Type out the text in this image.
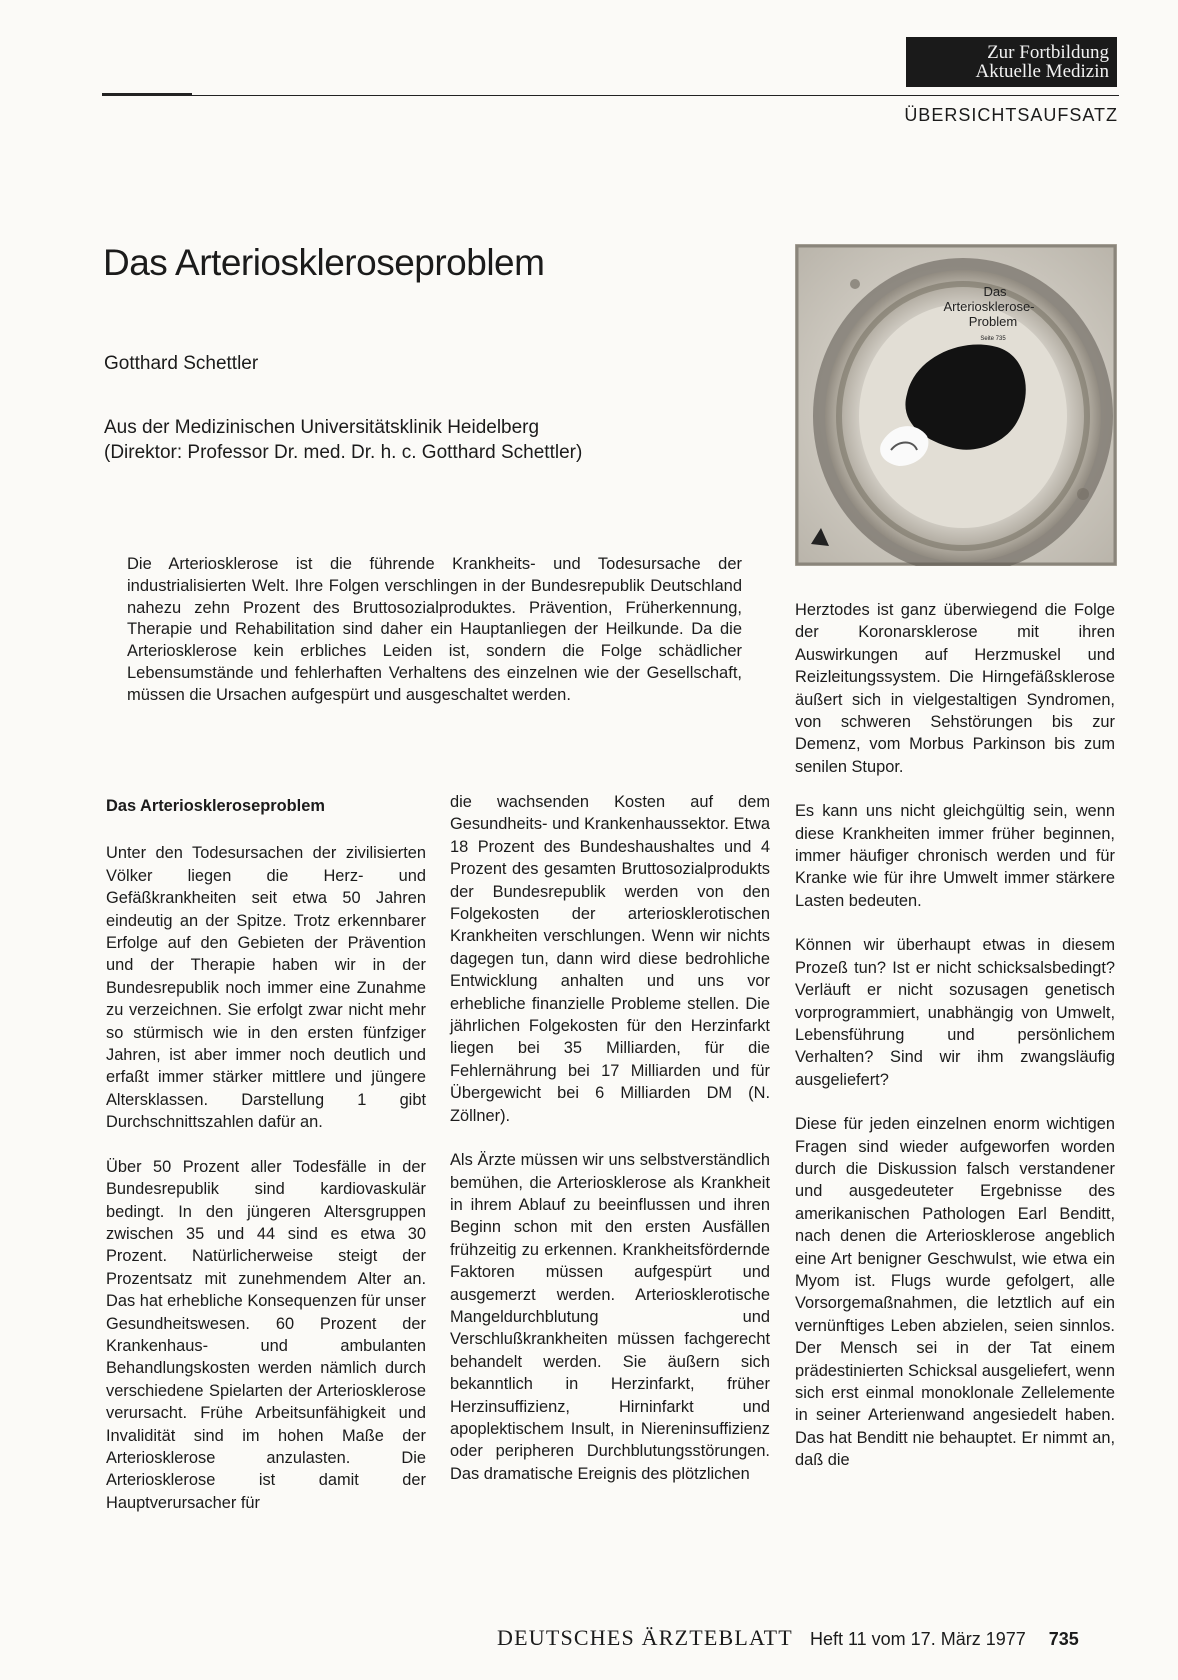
Zur Fortbildung
Aktuelle Medizin
ÜBERSICHTSAUFSATZ
Das Arterioskleroseproblem
Gotthard Schettler
Aus der Medizinischen Universitätsklinik Heidelberg
(Direktor: Professor Dr. med. Dr. h. c. Gotthard Schettler)
Die Arteriosklerose ist die führende Krankheits- und Todesursache der industrialisierten Welt. Ihre Folgen verschlingen in der Bundesrepublik Deutschland nahezu zehn Prozent des Bruttosozialproduktes. Prävention, Früherkennung, Therapie und Rehabilitation sind daher ein Hauptanliegen der Heilkunde. Da die Arteriosklerose kein erbliches Leiden ist, sondern die Folge schädlicher Lebensumstände und fehlerhaften Verhaltens des einzelnen wie der Gesellschaft, müssen die Ursachen aufgespürt und ausgeschaltet werden.
Das
Arteriosklerose-
Problem
Seite 735
Das Arterioskleroseproblem

Unter den Todesursachen der zivilisierten Völker liegen die Herz- und Gefäßkrankheiten seit etwa 50 Jahren eindeutig an der Spitze. Trotz erkennbarer Erfolge auf den Gebieten der Prävention und der Therapie haben wir in der Bundesrepublik noch immer eine Zunahme zu verzeichnen. Sie erfolgt zwar nicht mehr so stürmisch wie in den ersten fünfziger Jahren, ist aber immer noch deutlich und erfaßt immer stärker mittlere und jüngere Altersklassen. Darstellung 1 gibt Durchschnittszahlen dafür an.

Über 50 Prozent aller Todesfälle in der Bundesrepublik sind kardiovaskulär bedingt. In den jüngeren Altersgruppen zwischen 35 und 44 sind es etwa 30 Prozent. Natürlicherweise steigt der Prozentsatz mit zunehmendem Alter an. Das hat erhebliche Konsequenzen für unser Gesundheitswesen. 60 Prozent der Krankenhaus- und ambulanten Behandlungskosten werden nämlich durch verschiedene Spielarten der Arteriosklerose verursacht. Frühe Arbeitsunfähigkeit und Invalidität sind im hohen Maße der Arteriosklerose anzulasten. Die Arteriosklerose ist damit der Hauptverursacher für

die wachsenden Kosten auf dem Gesundheits- und Krankenhaussektor. Etwa 18 Prozent des Bundeshaushaltes und 4 Prozent des gesamten Bruttosozialprodukts der Bundesrepublik werden von den Folgekosten der arteriosklerotischen Krankheiten verschlungen. Wenn wir nichts dagegen tun, dann wird diese bedrohliche Entwicklung anhalten und uns vor erhebliche finanzielle Probleme stellen. Die jährlichen Folgekosten für den Herzinfarkt liegen bei 35 Milliarden, für die Fehlernährung bei 17 Milliarden und für Übergewicht bei 6 Milliarden DM (N. Zöllner).

Als Ärzte müssen wir uns selbstverständlich bemühen, die Arteriosklerose als Krankheit in ihrem Ablauf zu beeinflussen und ihren Beginn schon mit den ersten Ausfällen frühzeitig zu erkennen. Krankheitsfördernde Faktoren müssen aufgespürt und ausgemerzt werden. Arteriosklerotische Mangeldurchblutung und Verschlußkrankheiten müssen fachgerecht behandelt werden. Sie äußern sich bekanntlich in Herzinfarkt, früher Herzinsuffizienz, Hirninfarkt und apoplektischem Insult, in Niereninsuffizienz oder peripheren Durchblutungsstörungen. Das dramatische Ereignis des plötzlichen

Herztodes ist ganz überwiegend die Folge der Koronarsklerose mit ihren Auswirkungen auf Herzmuskel und Reizleitungssystem. Die Hirngefäßsklerose äußert sich in vielgestaltigen Syndromen, von schweren Sehstörungen bis zur Demenz, vom Morbus Parkinson bis zum senilen Stupor.

Es kann uns nicht gleichgültig sein, wenn diese Krankheiten immer früher beginnen, immer häufiger chronisch werden und für Kranke wie für ihre Umwelt immer stärkere Lasten bedeuten.

Können wir überhaupt etwas in diesem Prozeß tun? Ist er nicht schicksalsbedingt? Verläuft er nicht sozusagen genetisch vorprogrammiert, unabhängig von Umwelt, Lebensführung und persönlichem Verhalten? Sind wir ihm zwangsläufig ausgeliefert?

Diese für jeden einzelnen enorm wichtigen Fragen sind wieder aufgeworfen worden durch die Diskussion falsch verstandener und ausgedeuteter Ergebnisse des amerikanischen Pathologen Earl Benditt, nach denen die Arteriosklerose angeblich eine Art benigner Geschwulst, wie etwa ein Myom ist. Flugs wurde gefolgert, alle Vorsorgemaßnahmen, die letztlich auf ein vernünftiges Leben abzielen, seien sinnlos. Der Mensch sei in der Tat einem prädestinierten Schicksal ausgeliefert, wenn sich erst einmal monoklonale Zellelemente in seiner Arterienwand angesiedelt haben. Das hat Benditt nie behauptet. Er nimmt an, daß die

DEUTSCHES ÄRZTEBLATT Heft 11 vom 17. März 1977 735
